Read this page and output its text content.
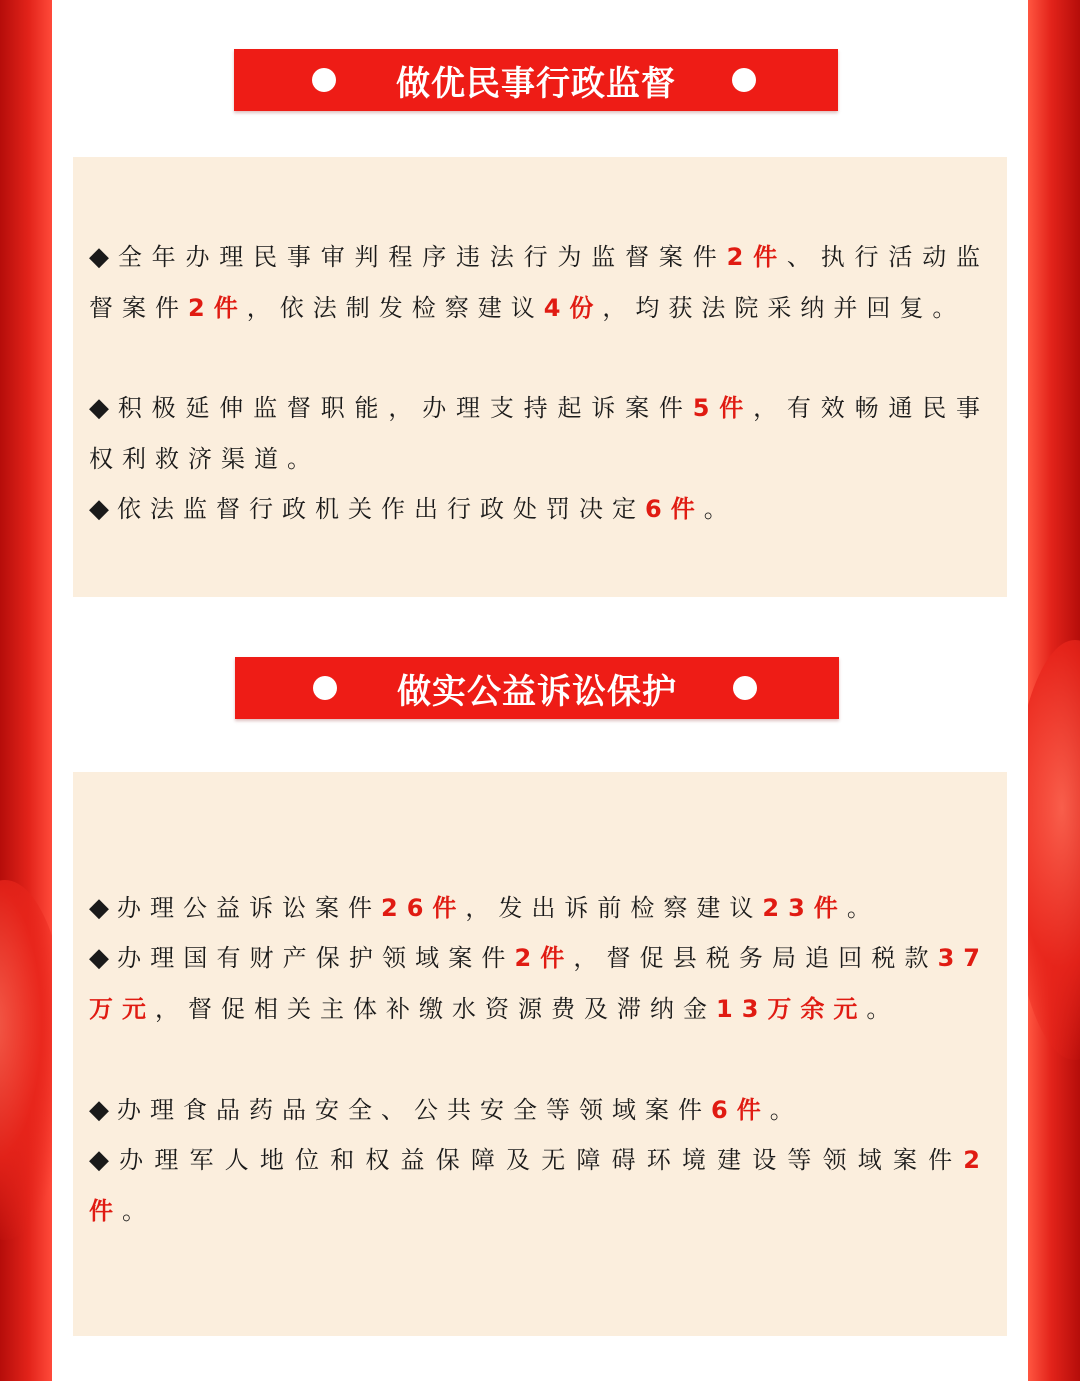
做优民事行政监督
◆ 全年办理民事审判程序违法行为监督案件2件、执行活动监督案件2件，依法制发检察建议4份，均获法院采纳并回复。
◆ 积极延伸监督职能，办理支持起诉案件5件，有效畅通民事权利救济渠道。
◆ 依法监督行政机关作出行政处罚决定6件。
做实公益诉讼保护
◆ 办理公益诉讼案件26件，发出诉前检察建议23件。
◆ 办理国有财产保护领域案件2件，督促县税务局追回税款37万元，督促相关主体补缴水资源费及滞纳金13万余元。
◆ 办理食品药品安全、公共安全等领域案件6件。
◆ 办理军人地位和权益保障及无障碍环境建设等领域案件2件。
